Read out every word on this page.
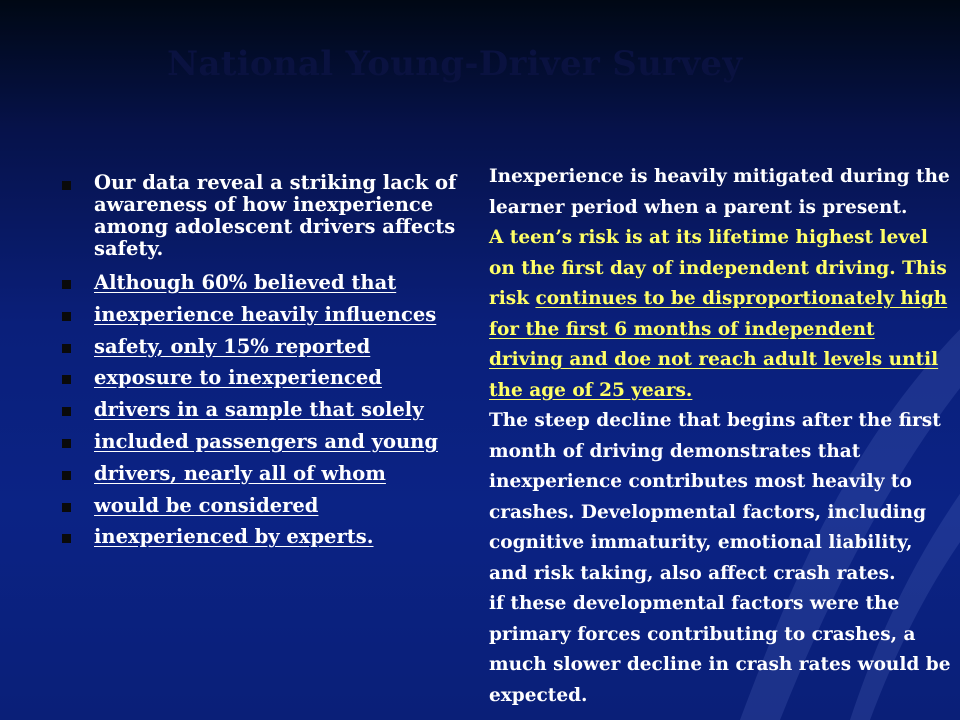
National Young-Driver Survey
Our data reveal a striking lack of awareness of how inexperience among adolescent drivers affects safety.
Although 60% believed that
inexperience heavily influences
safety, only 15% reported
exposure to inexperienced
drivers in a sample that solely
included passengers and young
drivers, nearly all of whom
would be considered
inexperienced by experts.

Inexperience is heavily mitigated during the learner period when a parent is present.

A teen’s risk is at its lifetime highest level on the first day of independent driving. This risk continues to be disproportionately high for the first 6 months of independent driving and doe not reach adult levels until the age of 25 years.

The steep decline that begins after the first month of driving demonstrates that inexperience contributes most heavily to crashes. Developmental factors, including cognitive immaturity, emotional liability, and risk taking, also affect crash rates.

if these developmental factors were the primary forces contributing to crashes, a much slower decline in crash rates would be expected.
